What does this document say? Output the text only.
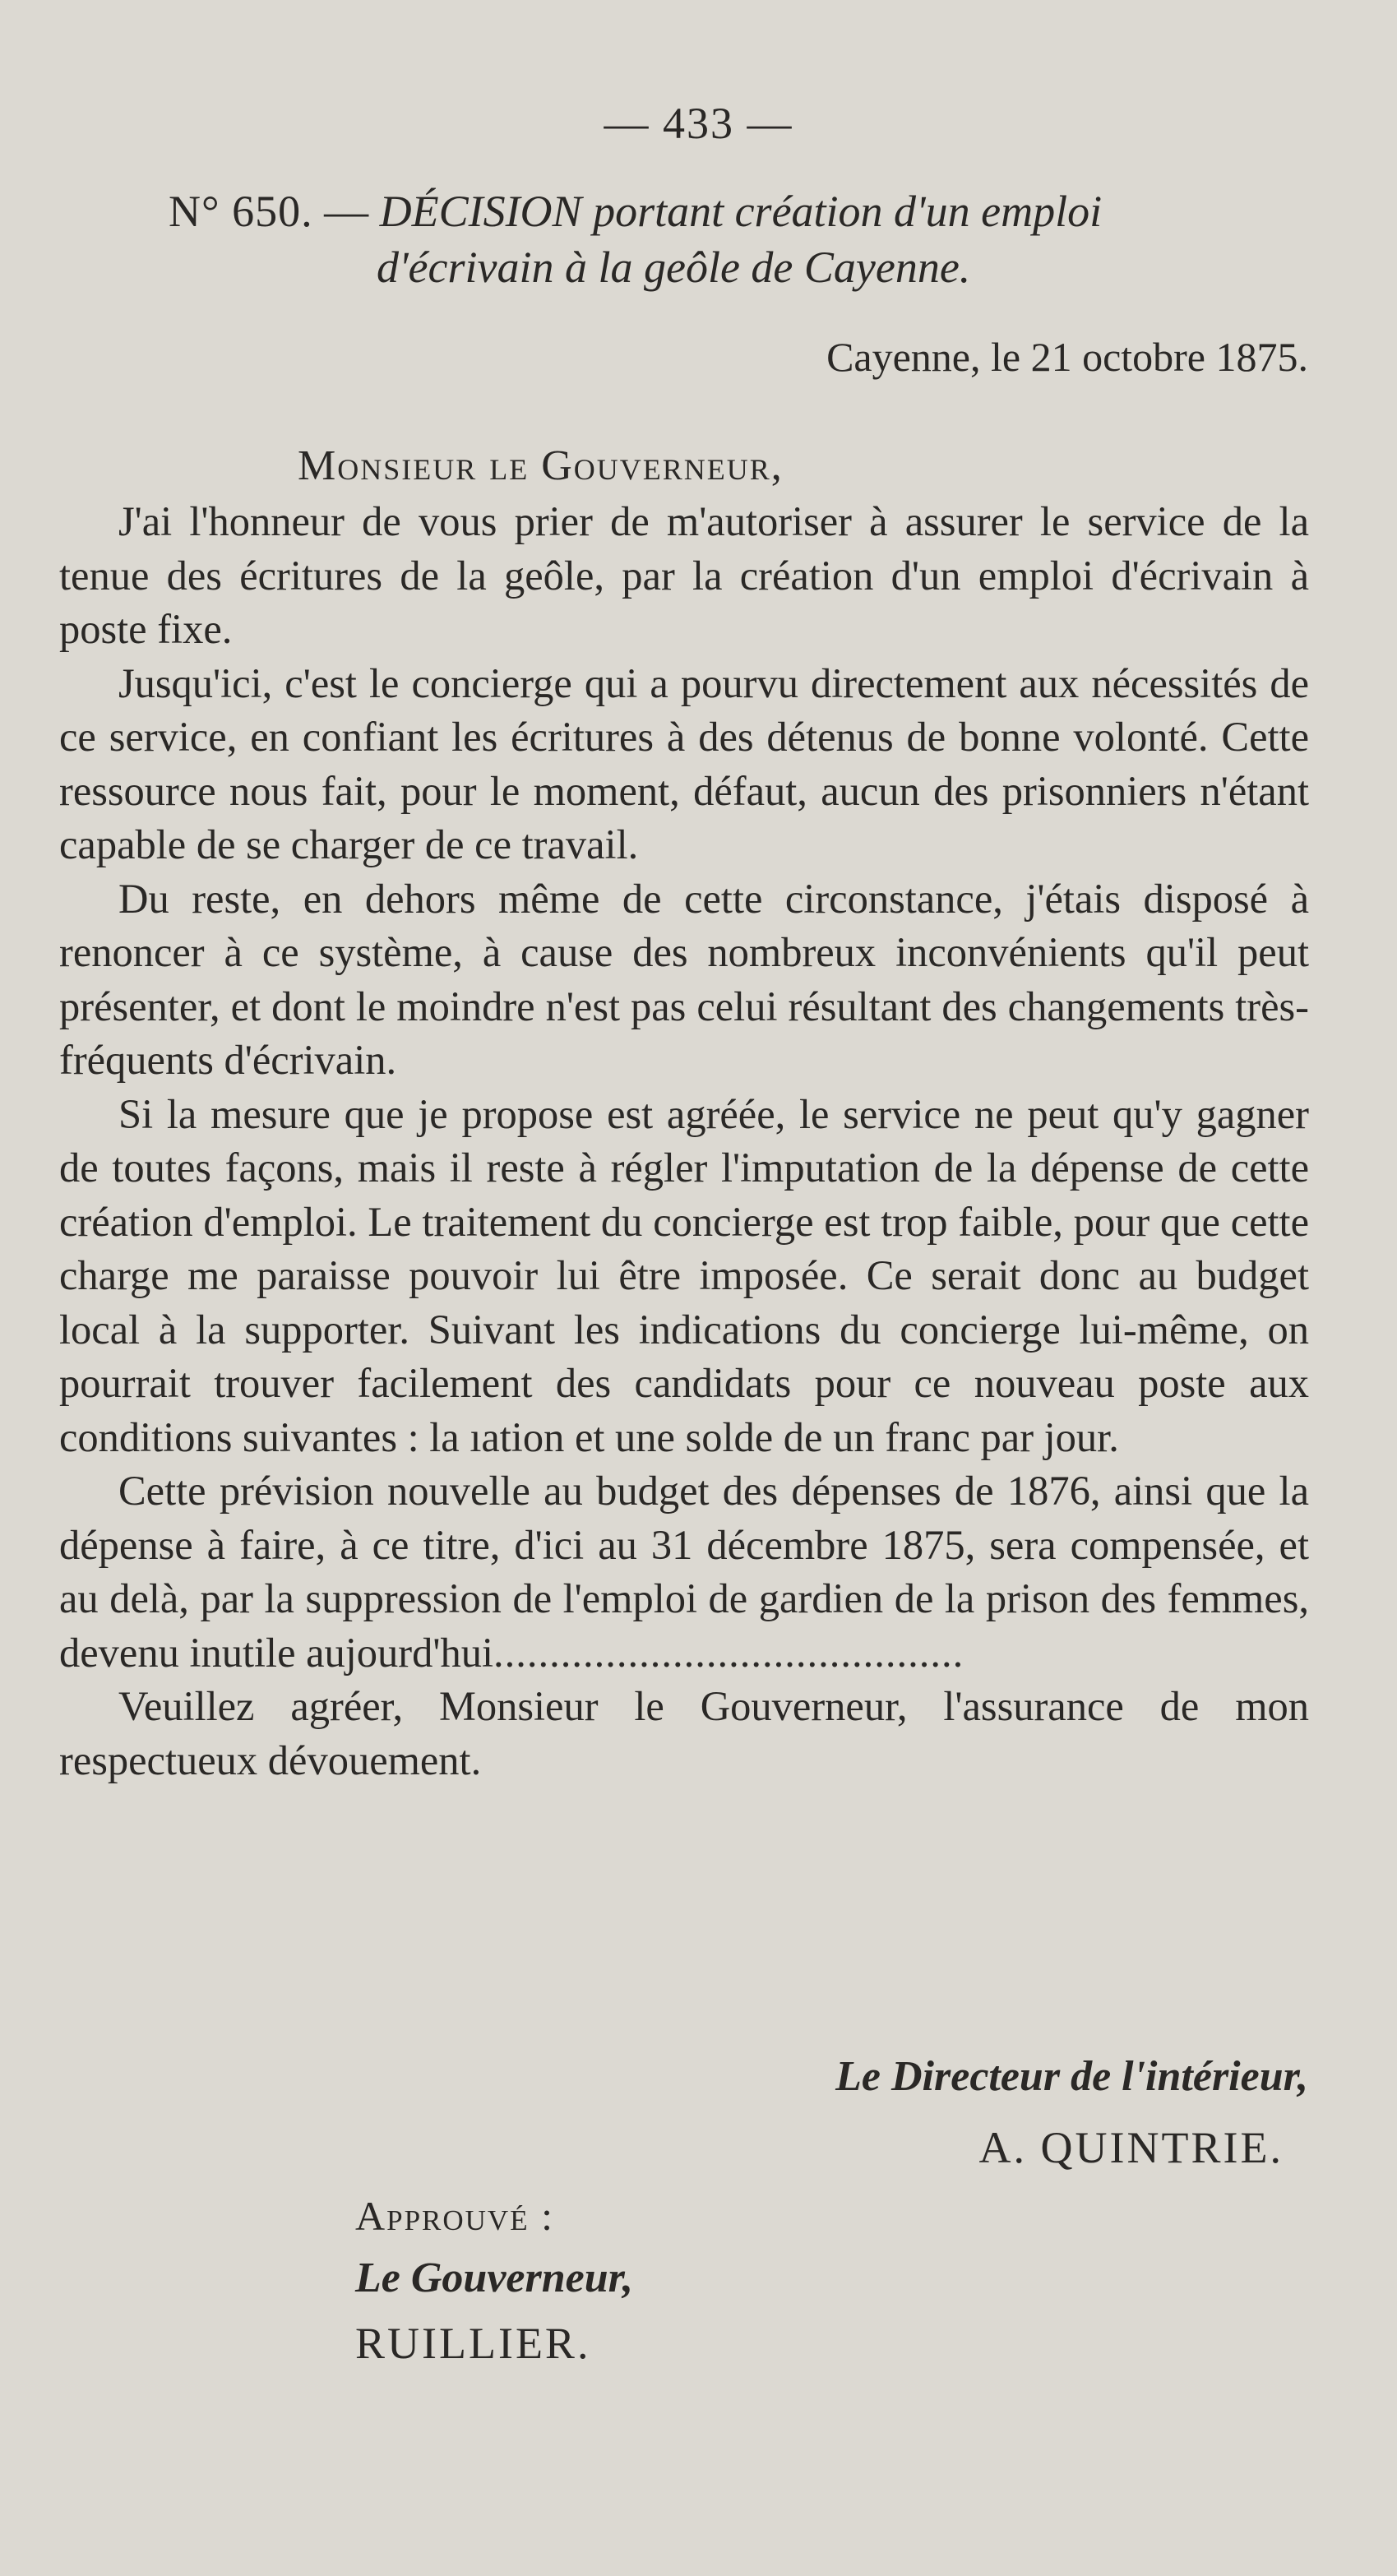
— 433 —
N° 650. — DÉCISION portant création d'un emploi
d'écrivain à la geôle de Cayenne.
Cayenne, le 21 octobre 1875.
Monsieur le Gouverneur,

J'ai l'honneur de vous prier de m'autoriser à assurer le service de la tenue des écritures de la geôle, par la création d'un emploi d'écrivain à poste fixe.

Jusqu'ici, c'est le concierge qui a pourvu directement aux nécessités de ce service, en confiant les écritures à des détenus de bonne volonté. Cette ressource nous fait, pour le moment, défaut, aucun des prisonniers n'étant capable de se charger de ce travail.

Du reste, en dehors même de cette circonstance, j'étais disposé à renoncer à ce système, à cause des nombreux inconvénients qu'il peut présenter, et dont le moindre n'est pas celui résultant des changements très-fréquents d'écrivain.

Si la mesure que je propose est agréée, le service ne peut qu'y gagner de toutes façons, mais il reste à régler l'imputation de la dépense de cette création d'emploi. Le traitement du concierge est trop faible, pour que cette charge me paraisse pouvoir lui être imposée. Ce serait donc au budget local à la supporter. Suivant les indications du concierge lui-même, on pourrait trouver facilement des candidats pour ce nouveau poste aux conditions suivantes : la ıation et une solde de un franc par jour.

Cette prévision nouvelle au budget des dépenses de 1876, ainsi que la dépense à faire, à ce titre, d'ici au 31 décembre 1875, sera compensée, et au delà, par la suppression de l'emploi de gardien de la prison des femmes, devenu inutile aujourd'hui..........................................

Veuillez agréer, Monsieur le Gouverneur, l'assurance de mon respectueux dévouement.

Le Directeur de l'intérieur,
A. QUINTRIE.
Approuvé :
Le Gouverneur,
RUILLIER.
